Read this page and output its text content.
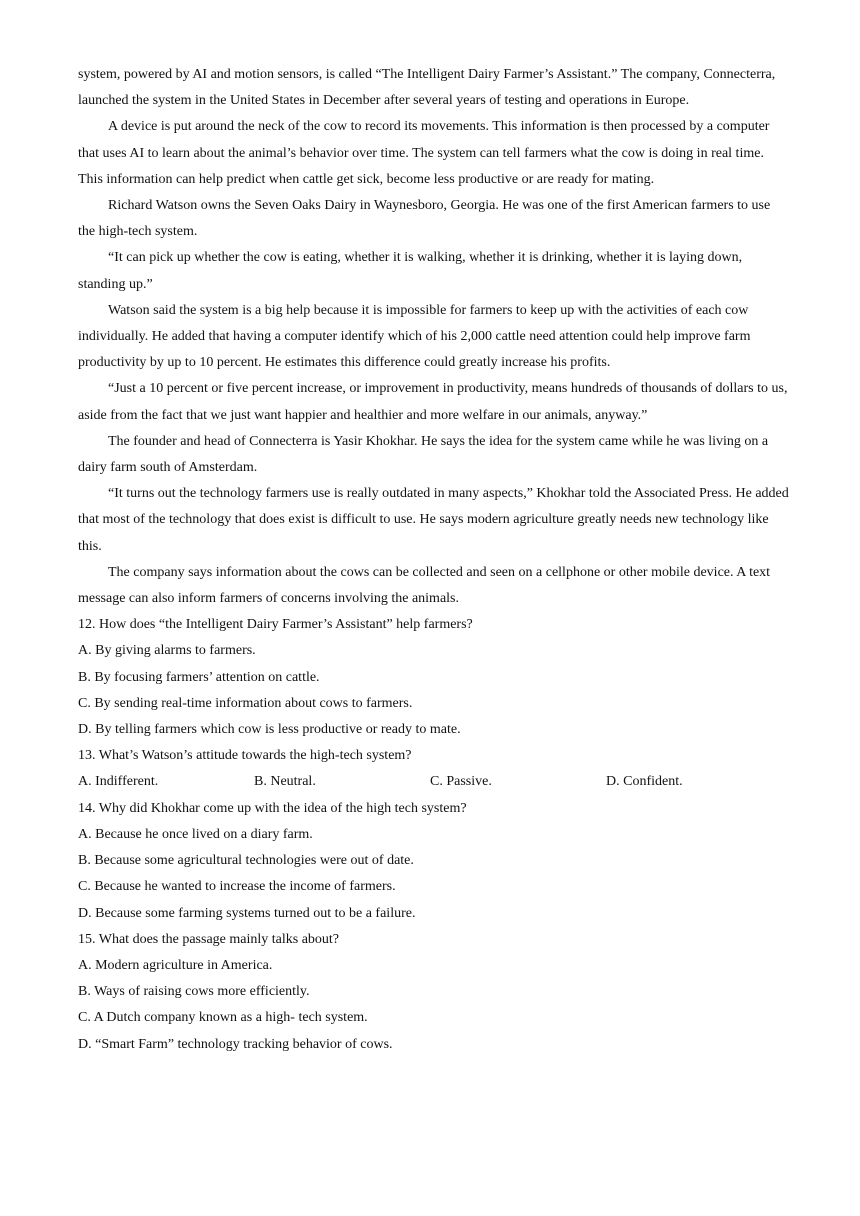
system, powered by AI and motion sensors, is called “The Intelligent Dairy Farmer’s Assistant.” The company, Connecterra, launched the system in the United States in December after several years of testing and operations in Europe.

A device is put around the neck of the cow to record its movements. This information is then processed by a computer that uses AI to learn about the animal’s behavior over time. The system can tell farmers what the cow is doing in real time. This information can help predict when cattle get sick, become less productive or are ready for mating.

Richard Watson owns the Seven Oaks Dairy in Waynesboro, Georgia. He was one of the first American farmers to use the high-tech system.

“It can pick up whether the cow is eating, whether it is walking, whether it is drinking, whether it is laying down, standing up.”

Watson said the system is a big help because it is impossible for farmers to keep up with the activities of each cow individually. He added that having a computer identify which of his 2,000 cattle need attention could help improve farm productivity by up to 10 percent. He estimates this difference could greatly increase his profits.

“Just a 10 percent or five percent increase, or improvement in productivity, means hundreds of thousands of dollars to us, aside from the fact that we just want happier and healthier and more welfare in our animals, anyway.”

The founder and head of Connecterra is Yasir Khokhar. He says the idea for the system came while he was living on a dairy farm south of Amsterdam.

“It turns out the technology farmers use is really outdated in many aspects,” Khokhar told the Associated Press. He added that most of the technology that does exist is difficult to use. He says modern agriculture greatly needs new technology like this.

The company says information about the cows can be collected and seen on a cellphone or other mobile device. A text message can also inform farmers of concerns involving the animals.

12. How does “the Intelligent Dairy Farmer’s Assistant” help farmers?

A. By giving alarms to farmers.

B. By focusing farmers’ attention on cattle.

C. By sending real-time information about cows to farmers.

D. By telling farmers which cow is less productive or ready to mate.

13. What’s Watson’s attitude towards the high-tech system?

A. Indifferent.	B. Neutral.	C. Passive.	D. Confident.

14. Why did Khokhar come up with the idea of the high tech system?

A. Because he once lived on a diary farm.

B. Because some agricultural technologies were out of date.

C. Because he wanted to increase the income of farmers.

D. Because some farming systems turned out to be a failure.

15. What does the passage mainly talks about?

A. Modern agriculture in America.

B. Ways of raising cows more efficiently.

C. A Dutch company known as a high- tech system.

D. “Smart Farm” technology tracking behavior of cows.
